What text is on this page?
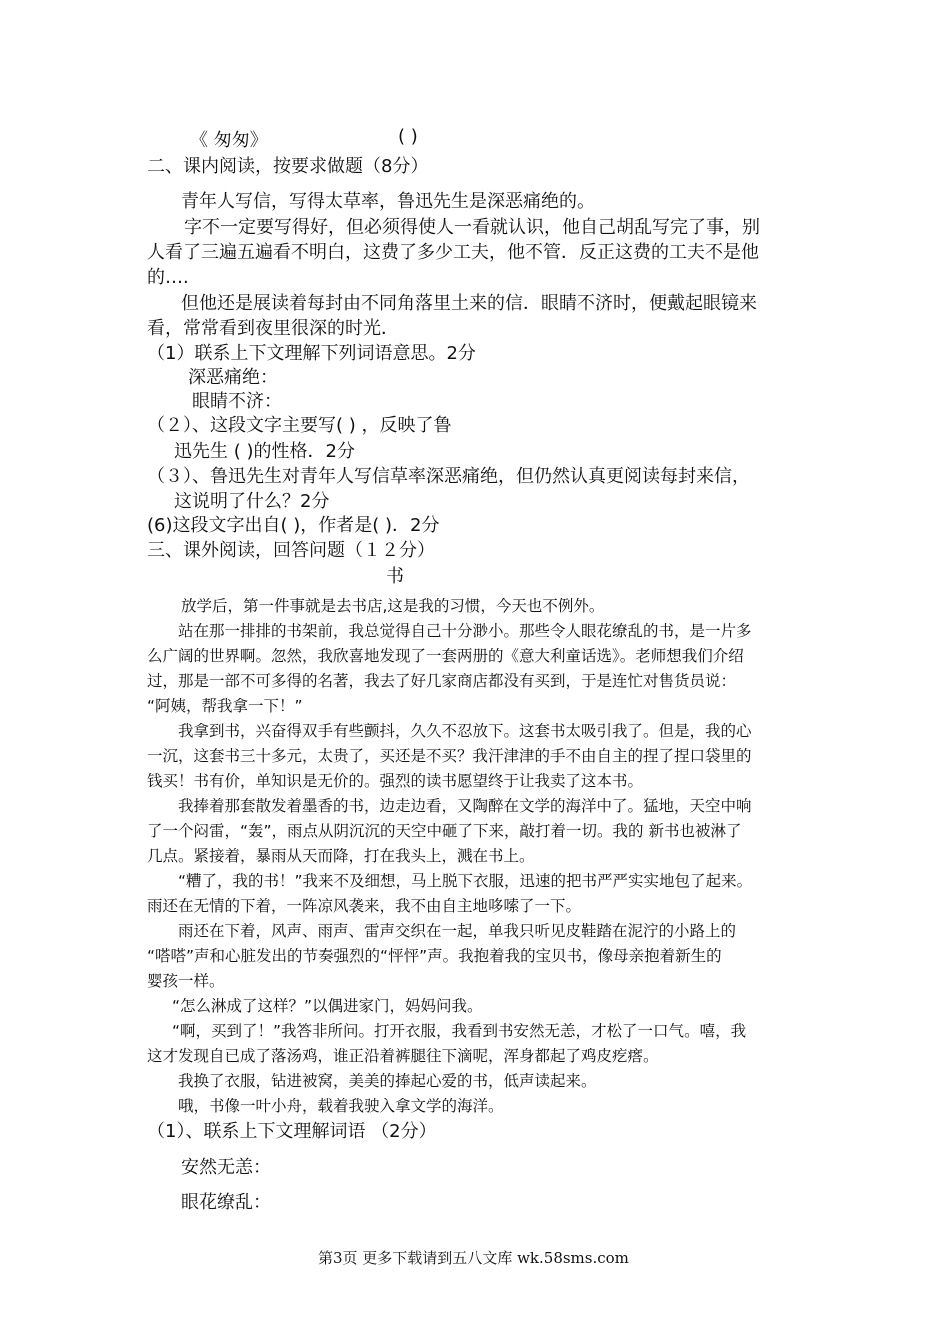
《 匆匆》	( )
二、课内阅读，按要求做题（8分）
青年人写信，写得太草率，鲁迅先生是深恶痛绝的。
字不一定要写得好，但必须得使人一看就认识，他自己胡乱写完了事，别
人看了三遍五遍看不明白，这费了多少工夫，他不管．反正这费的工夫不是他
的….
但他还是展读着每封由不同角落里土来的信．眼睛不济时，便戴起眼镜来
看，常常看到夜里很深的时光．
（1）联系上下文理解下列词语意思。2分
深恶痛绝：
眼睛不济：
（２）、这段文字主要写( ) ，反映了鲁
迅先生 ( )的性格．2分
（３）、鲁迅先生对青年人写信草率深恶痛绝，但仍然认真更阅读每封来信，
这说明了什么？2分
(6)这段文字出自( )，作者是( )．2分
三、课外阅读，回答问题（１２分）
书
放学后，第一件事就是去书店,这是我的习惯，今天也不例外。
站在那一排排的书架前，我总觉得自己十分渺小。那些令人眼花缭乱的书，是一片多
么广阔的世界啊。忽然，我欣喜地发现了一套两册的《意大利童话选》。老师想我们介绍
过，那是一部不可多得的名著，我去了好几家商店都没有买到，于是连忙对售货员说：
“阿姨，帮我拿一下！”
我拿到书，兴奋得双手有些颤抖，久久不忍放下。这套书太吸引我了。但是，我的心
一沉，这套书三十多元，太贵了，买还是不买？我汗津津的手不由自主的捏了捏口袋里的
钱买！书有价，单知识是无价的。强烈的读书愿望终于让我卖了这本书。
我捧着那套散发着墨香的书，边走边看，又陶醉在文学的海洋中了。猛地，天空中响
了一个闷雷，“轰”，雨点从阴沉沉的天空中砸了下来，敲打着一切。我的 新书也被淋了
几点。紧接着，暴雨从天而降，打在我头上，溅在书上。
“糟了，我的书！”我来不及细想，马上脱下衣服，迅速的把书严严实实地包了起来。
雨还在无情的下着，一阵凉风袭来，我不由自主地哆嗦了一下。
雨还在下着，风声、雨声、雷声交织在一起，单我只听见皮鞋踏在泥泞的小路上的
“嗒嗒”声和心脏发出的节奏强烈的“怦怦”声。我抱着我的宝贝书，像母亲抱着新生的
婴孩一样。
“怎么淋成了这样？”以偶进家门，妈妈问我。
“啊，买到了！”我答非所问。打开衣服，我看到书安然无恙，才松了一口气。嘻，我
这才发现自已成了落汤鸡，谁正沿着裤腿往下滴呢，浑身都起了鸡皮疙瘩。
我换了衣服，钻进被窝，美美的捧起心爱的书，低声读起来。
哦，书像一叶小舟，载着我驶入拿文学的海洋。
（1）、联系上下文理解词语 （2分）
安然无恙：
眼花缭乱：
第3页 更多下载请到五八文库 wk.58sms.com
